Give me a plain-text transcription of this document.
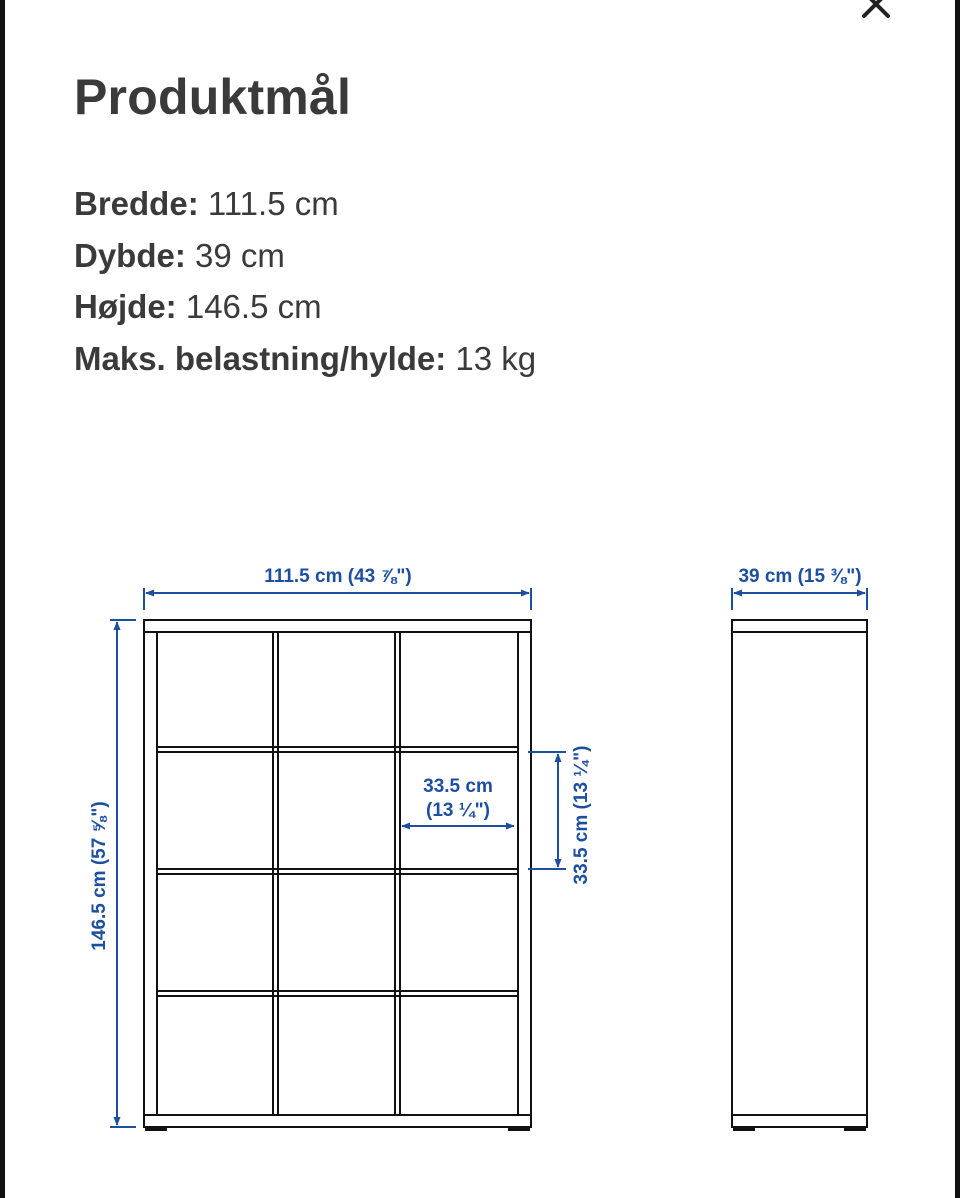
Produktmål
Bredde: 111.5 cm
Dybde: 39 cm
Højde: 146.5 cm
Maks. belastning/hylde: 13 kg
111.5 cm (43 ⅞")	39 cm (15 ⅜")
33.5 cm
(13 ¼")	33.5 cm (13 ¼")
146.5 cm (57 ⅝")
